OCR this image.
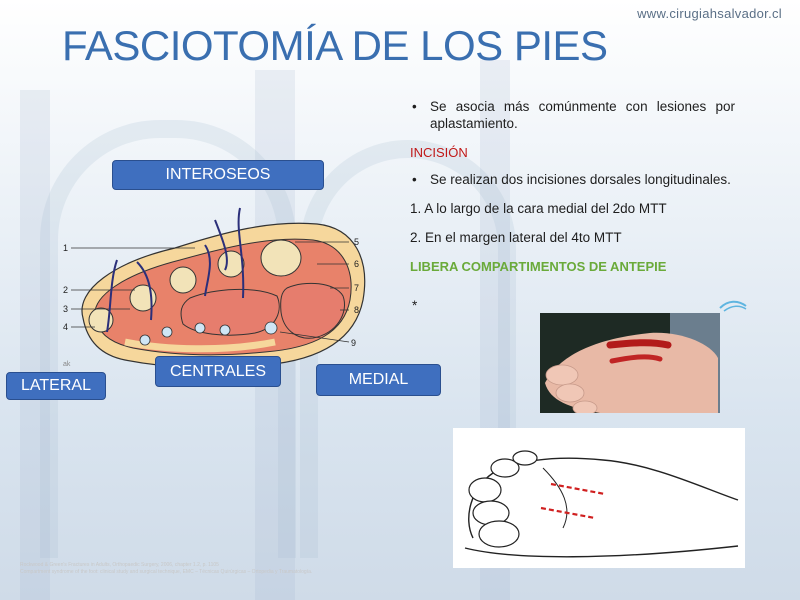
www.cirugiahsalvador.cl
FASCIOTOMÍA DE LOS PIES
1
2
3
4
5
6
7
8
9
ak
INTEROSEOS
LATERAL
CENTRALES	MEDIAL
• Se asocia más comúnmente con lesiones por aplastamiento.
INCISIÓN
• Se realizan dos incisiones dorsales longitudinales.
1. A lo largo de la cara medial del 2do MTT
2. En el margen lateral del 4to MTT
LIBERA COMPARTIMENTOS DE ANTEPIE
*
Rockwood & Green's Fractures in Adults, Orthopaedic Surgery, 2006, chapter 1.2, p. 1105
Compartment syndrome of the foot: clinical study and surgical technique, EMC – Técnicas Quirúrgicas – Ortopedia y Traumatología.
